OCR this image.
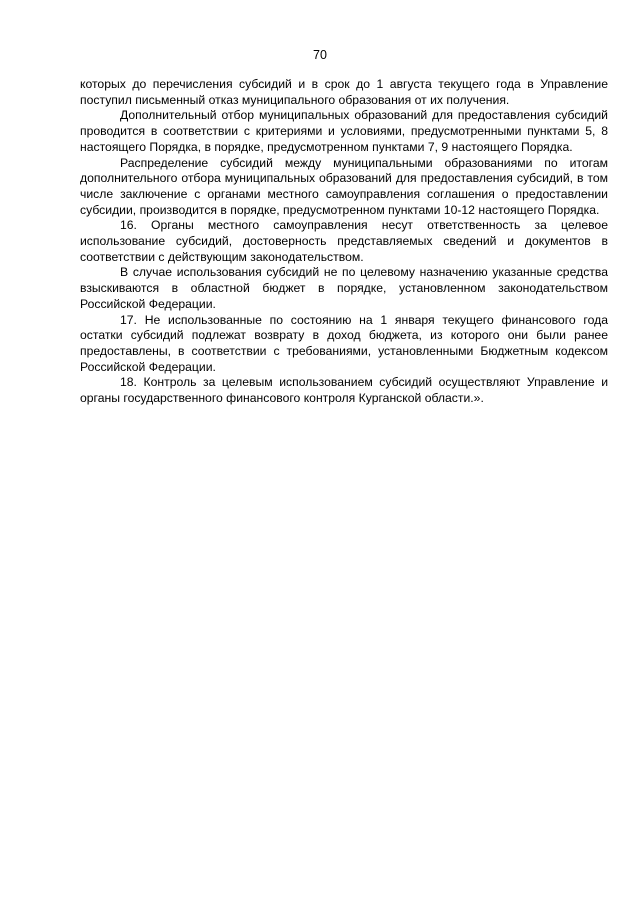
70

которых до перечисления субсидий и в срок до 1 августа текущего года в Управление поступил письменный отказ муниципального образования от их получения.

Дополнительный отбор муниципальных образований для предоставления субсидий проводится в соответствии с критериями и условиями, предусмотренными пунктами 5, 8 настоящего Порядка, в порядке, предусмотренном пунктами 7, 9 настоящего Порядка.

Распределение субсидий между муниципальными образованиями по итогам дополнительного отбора муниципальных образований для предоставления субсидий, в том числе заключение с органами местного самоуправления соглашения о предоставлении субсидии, производится в порядке, предусмотренном пунктами 10-12 настоящего Порядка.

16. Органы местного самоуправления несут ответственность за целевое использование субсидий, достоверность представляемых сведений и документов в соответствии с действующим законодательством.

В случае использования субсидий не по целевому назначению указанные средства взыскиваются в областной бюджет в порядке, установленном законодательством Российской Федерации.

17. Не использованные по состоянию на 1 января текущего финансового года остатки субсидий подлежат возврату в доход бюджета, из которого они были ранее предоставлены, в соответствии с требованиями, установленными Бюджетным кодексом Российской Федерации.

18. Контроль за целевым использованием субсидий осуществляют Управление и органы государственного финансового контроля Курганской области.».
